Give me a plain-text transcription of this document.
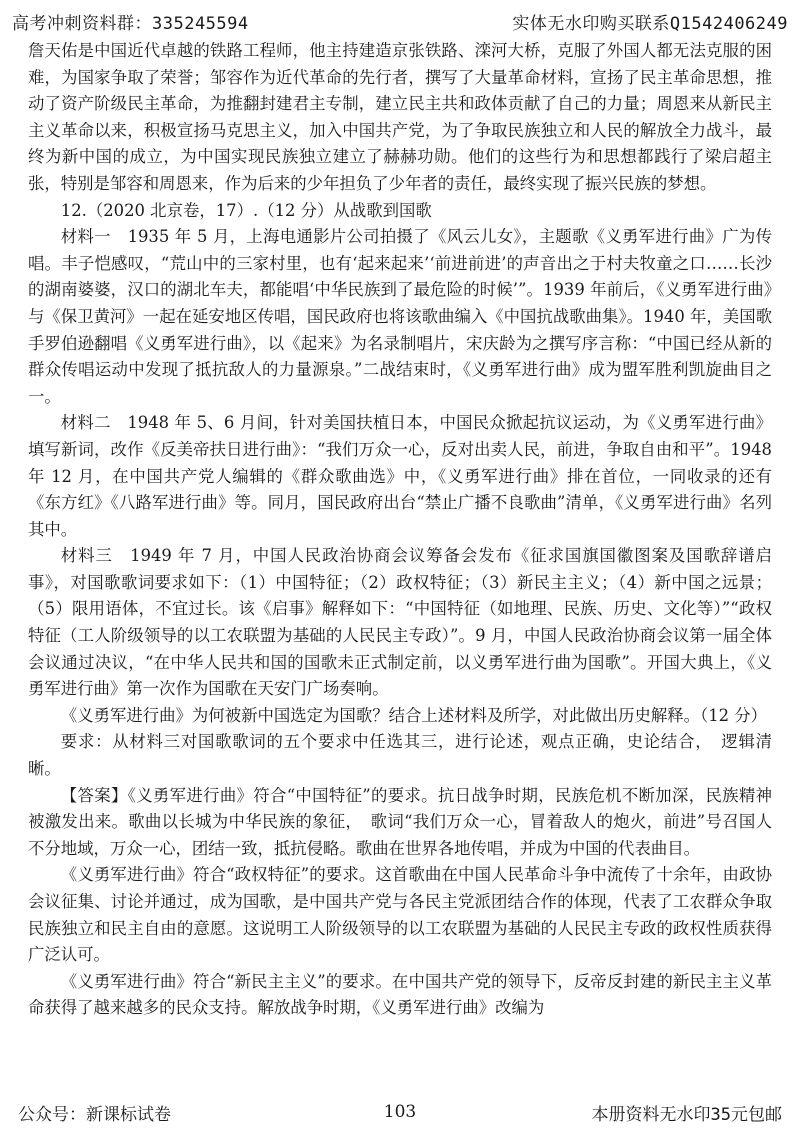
高考冲刺资料群：335245594	实体无水印购买联系Q1542406249

詹天佑是中国近代卓越的铁路工程师，他主持建造京张铁路、滦河大桥，克服了外国人都无法克服的困难，为国家争取了荣誉；邹容作为近代革命的先行者，撰写了大量革命材料，宣扬了民主革命思想，推动了资产阶级民主革命，为推翻封建君主专制，建立民主共和政体贡献了自己的力量；周恩来从新民主主义革命以来，积极宣扬马克思主义，加入中国共产党，为了争取民族独立和人民的解放全力战斗，最终为新中国的成立，为中国实现民族独立建立了赫赫功勋。他们的这些行为和思想都践行了梁启超主张，特别是邹容和周恩来，作为后来的少年担负了少年者的责任，最终实现了振兴民族的梦想。

12.（2020 北京卷，17）.（12 分）从战歌到国歌

材料一　1935 年 5 月，上海电通影片公司拍摄了《风云儿女》，主题歌《义勇军进行曲》广为传唱。丰子恺感叹，“荒山中的三家村里，也有‘起来起来’‘前进前进’的声音出之于村夫牧童之口……长沙的湖南婆婆，汉口的湖北车夫，都能唱‘中华民族到了最危险的时候’”。1939 年前后，《义勇军进行曲》与《保卫黄河》一起在延安地区传唱，国民政府也将该歌曲编入《中国抗战歌曲集》。1940 年，美国歌手罗伯逊翻唱《义勇军进行曲》，以《起来》为名录制唱片，宋庆龄为之撰写序言称：“中国已经从新的群众传唱运动中发现了抵抗敌人的力量源泉。”二战结束时，《义勇军进行曲》成为盟军胜利凯旋曲目之一。

材料二　1948 年 5、6 月间，针对美国扶植日本，中国民众掀起抗议运动，为《义勇军进行曲》填写新词，改作《反美帝扶日进行曲》：“我们万众一心，反对出卖人民，前进，争取自由和平”。1948 年 12 月，在中国共产党人编辑的《群众歌曲选》中，《义勇军进行曲》排在首位，一同收录的还有《东方红》《八路军进行曲》等。同月，国民政府出台“禁止广播不良歌曲”清单，《义勇军进行曲》名列其中。

材料三　1949 年 7 月，中国人民政治协商会议筹备会发布《征求国旗国徽图案及国歌辞谱启事》，对国歌歌词要求如下：（1）中国特征；（2）政权特征；（3）新民主主义；（4）新中国之远景；（5）限用语体，不宜过长。该《启事》解释如下：“中国特征（如地理、民族、历史、文化等）”“政权特征（工人阶级领导的以工农联盟为基础的人民民主专政）”。9 月，中国人民政治协商会议第一届全体会议通过决议，“在中华人民共和国的国歌未正式制定前，以义勇军进行曲为国歌”。开国大典上，《义勇军进行曲》第一次作为国歌在天安门广场奏响。

《义勇军进行曲》为何被新中国选定为国歌？结合上述材料及所学，对此做出历史解释。（12 分）

要求：从材料三对国歌歌词的五个要求中任选其三，进行论述，观点正确，史论结合，　逻辑清晰。

【答案】《义勇军进行曲》符合“中国特征”的要求。抗日战争时期，民族危机不断加深，民族精神被激发出来。歌曲以长城为中华民族的象征，　歌词“我们万众一心，冒着敌人的炮火，前进”号召国人不分地域，万众一心，团结一致，抵抗侵略。歌曲在世界各地传唱，并成为中国的代表曲目。

《义勇军进行曲》符合“政权特征”的要求。这首歌曲在中国人民革命斗争中流传了十余年，由政协会议征集、讨论并通过，成为国歌，是中国共产党与各民主党派团结合作的体现，代表了工农群众争取民族独立和民主自由的意愿。这说明工人阶级领导的以工农联盟为基础的人民民主专政的政权性质获得广泛认可。

《义勇军进行曲》符合“新民主主义”的要求。在中国共产党的领导下，反帝反封建的新民主主义革命获得了越来越多的民众支持。解放战争时期，《义勇军进行曲》改编为

公众号：新课标试卷	103	本册资料无水印35元包邮
